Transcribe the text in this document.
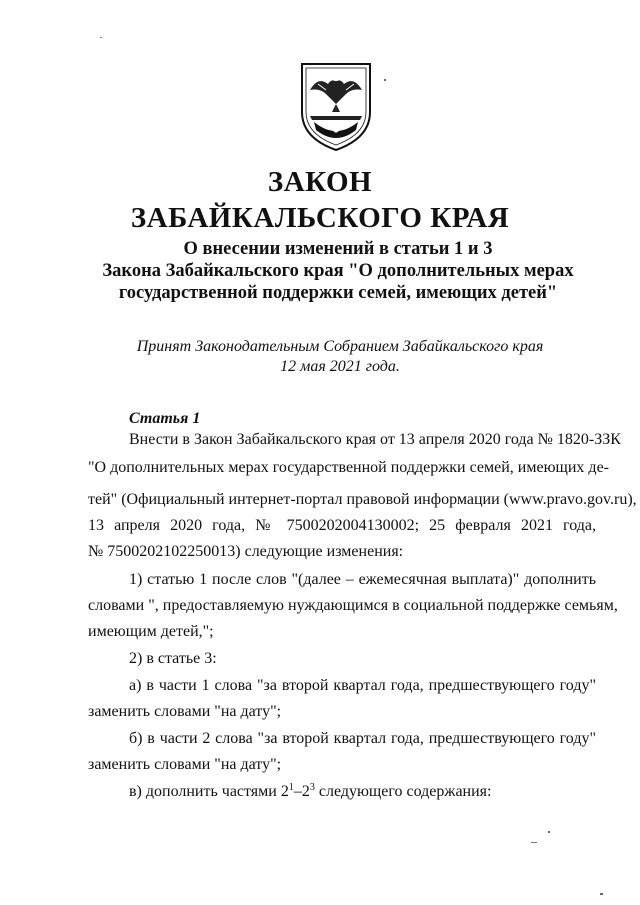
ЗАКОН
ЗАБАЙКАЛЬСКОГО КРАЯ
О внесении изменений в статьи 1 и 3
Закона Забайкальского края "О дополнительных мерах
государственной поддержки семей, имеющих детей"
Принят Законодательным Собранием Забайкальского края
12 мая 2021 года.
Статья 1
Внести в Закон Забайкальского края от 13 апреля 2020 года № 1820-ЗЗК
"О дополнительных мерах государственной поддержки семей, имеющих де-
тей" (Официальный интернет-портал правовой информации (www.pravo.gov.ru),
13 апреля 2020 года, № 7500202004130002; 25 февраля 2021 года,
№ 7500202102250013) следующие изменения:
1) статью 1 после слов "(далее – ежемесячная выплата)" дополнить
словами ", предоставляемую нуждающимся в социальной поддержке семьям,
имеющим детей,";
2) в статье 3:
а) в части 1 слова "за второй квартал года, предшествующего году"
заменить словами "на дату";
б) в части 2 слова "за второй квартал года, предшествующего году"
заменить словами "на дату";
в) дополнить частями $2^1-2^3$ следующего содержания:
